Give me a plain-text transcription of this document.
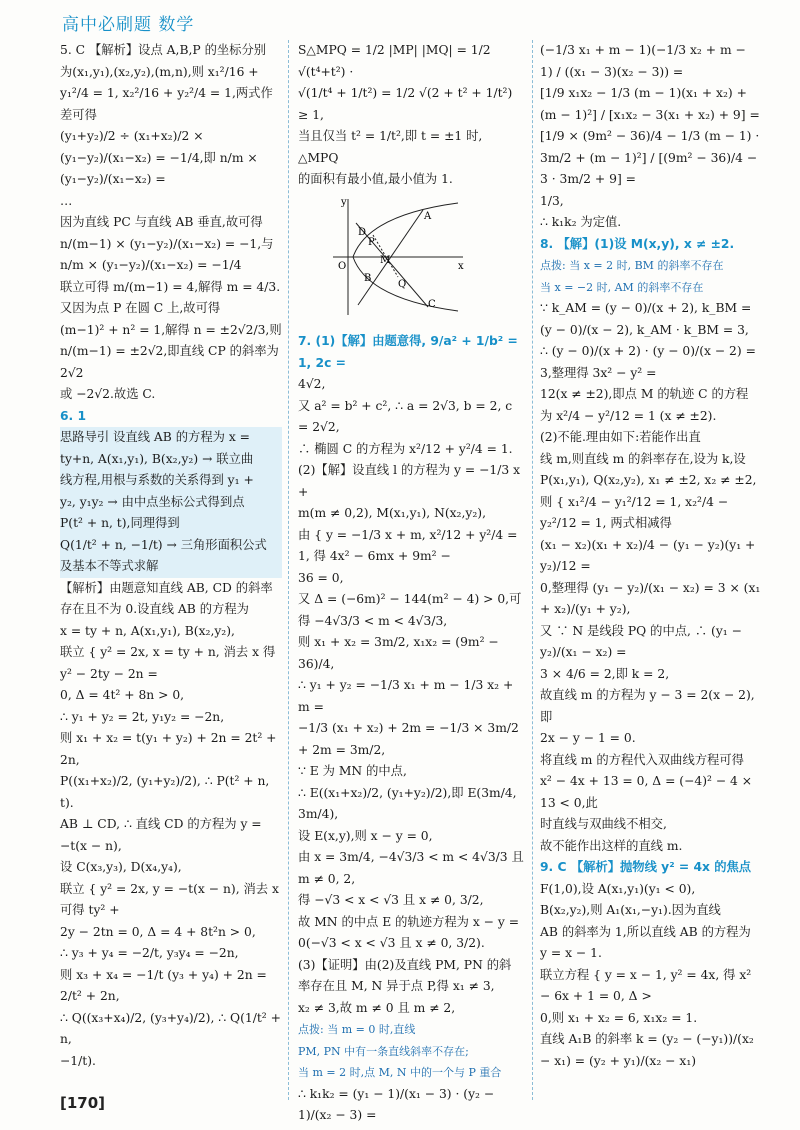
高中必刷题 数学

5. C 【解析】设点 A,B,P 的坐标分别

为(x₁,y₁),(x₂,y₂),(m,n),则 x₁²/16 +

y₁²/4 = 1, x₂²/16 + y₂²/4 = 1,两式作差可得

(y₁+y₂)/2 ÷ (x₁+x₂)/2 × (y₁−y₂)/(x₁−x₂) = −1/4,即 n/m × (y₁−y₂)/(x₁−x₂) =

…

因为直线 PC 与直线 AB 垂直,故可得

n/(m−1) × (y₁−y₂)/(x₁−x₂) = −1,与 n/m × (y₁−y₂)/(x₁−x₂) = −1/4

联立可得 m/(m−1) = 4,解得 m = 4/3.

又因为点 P 在圆 C 上,故可得

(m−1)² + n² = 1,解得 n = ±2√2/3,则

n/(m−1) = ±2√2,即直线 CP 的斜率为 2√2

或 −2√2.故选 C.

6. 1

思路导引 设直线 AB 的方程为 x =

ty+n, A(x₁,y₁), B(x₂,y₂) → 联立曲

线方程,用根与系数的关系得到 y₁ +

y₂, y₁y₂ → 由中点坐标公式得到点

P(t² + n, t),同理得到

Q(1/t² + n, −1/t) → 三角形面积公式

及基本不等式求解

【解析】由题意知直线 AB, CD 的斜率

存在且不为 0.设直线 AB 的方程为

x = ty + n, A(x₁,y₁), B(x₂,y₂),

联立 { y² = 2x, x = ty + n, 消去 x 得 y² − 2ty − 2n =

0, Δ = 4t² + 8n > 0,

∴ y₁ + y₂ = 2t, y₁y₂ = −2n,

则 x₁ + x₂ = t(y₁ + y₂) + 2n = 2t² + 2n,

P((x₁+x₂)/2, (y₁+y₂)/2), ∴ P(t² + n, t).

AB ⊥ CD, ∴ 直线 CD 的方程为 y =

−t(x − n),

设 C(x₃,y₃), D(x₄,y₄),

联立 { y² = 2x, y = −t(x − n), 消去 x 可得 ty² +

2y − 2tn = 0, Δ = 4 + 8t²n > 0,

∴ y₃ + y₄ = −2/t, y₃y₄ = −2n,

则 x₃ + x₄ = −1/t (y₃ + y₄) + 2n = 2/t² + 2n,

∴ Q((x₃+x₄)/2, (y₃+y₄)/2), ∴ Q(1/t² + n,

−1/t).

S△MPQ = 1/2 |MP| |MQ| = 1/2 √(t⁴+t²) ·

√(1/t⁴ + 1/t²) = 1/2 √(2 + t² + 1/t²) ≥ 1,

当且仅当 t² = 1/t²,即 t = ±1 时, △MPQ

的面积有最小值,最小值为 1.

y
x
O
D
A
P
M
B
Q
C

7. (1)【解】由题意得, 9/a² + 1/b² = 1, 2c =

4√2,

又 a² = b² + c², ∴ a = 2√3, b = 2, c = 2√2,

∴ 椭圆 C 的方程为 x²/12 + y²/4 = 1.

(2)【解】设直线 l 的方程为 y = −1/3 x +

m(m ≠ 0,2), M(x₁,y₁), N(x₂,y₂),

由 { y = −1/3 x + m, x²/12 + y²/4 = 1, 得 4x² − 6mx + 9m² −

36 = 0,

又 Δ = (−6m)² − 144(m² − 4) > 0,可

得 −4√3/3 < m < 4√3/3,

则 x₁ + x₂ = 3m/2, x₁x₂ = (9m² − 36)/4,

∴ y₁ + y₂ = −1/3 x₁ + m − 1/3 x₂ + m =

−1/3 (x₁ + x₂) + 2m = −1/3 × 3m/2 + 2m = 3m/2,

∵ E 为 MN 的中点,

∴ E((x₁+x₂)/2, (y₁+y₂)/2),即 E(3m/4, 3m/4),

设 E(x,y),则 x − y = 0,

由 x = 3m/4, −4√3/3 < m < 4√3/3 且 m ≠ 0, 2,

得 −√3 < x < √3 且 x ≠ 0, 3/2,

故 MN 的中点 E 的轨迹方程为 x − y =

0(−√3 < x < √3 且 x ≠ 0, 3/2).

(3)【证明】由(2)及直线 PM, PN 的斜

率存在且 M, N 异于点 P,得 x₁ ≠ 3,

x₂ ≠ 3,故 m ≠ 0 且 m ≠ 2,

点拨: 当 m = 0 时,直线

PM, PN 中有一条直线斜率不存在;

当 m = 2 时,点 M, N 中的一个与 P 重合

∴ k₁k₂ = (y₁ − 1)/(x₁ − 3) · (y₂ − 1)/(x₂ − 3) =

(−1/3 x₁ + m − 1)(−1/3 x₂ + m − 1) / ((x₁ − 3)(x₂ − 3)) =

[1/9 x₁x₂ − 1/3 (m − 1)(x₁ + x₂) + (m − 1)²] / [x₁x₂ − 3(x₁ + x₂) + 9] =

[1/9 × (9m² − 36)/4 − 1/3 (m − 1) · 3m/2 + (m − 1)²] / [(9m² − 36)/4 − 3 · 3m/2 + 9] =

1/3,

∴ k₁k₂ 为定值.

8. 【解】(1)设 M(x,y), x ≠ ±2.

点拨: 当 x = 2 时, BM 的斜率不存在

当 x = −2 时, AM 的斜率不存在

∵ k_AM = (y − 0)/(x + 2), k_BM = (y − 0)/(x − 2), k_AM · k_BM = 3,

∴ (y − 0)/(x + 2) · (y − 0)/(x − 2) = 3,整理得 3x² − y² =

12(x ≠ ±2),即点 M 的轨迹 C 的方程

为 x²/4 − y²/12 = 1 (x ≠ ±2).

(2)不能.理由如下:若能作出直

线 m,则直线 m 的斜率存在,设为 k,设

P(x₁,y₁), Q(x₂,y₂), x₁ ≠ ±2, x₂ ≠ ±2,

则 { x₁²/4 − y₁²/12 = 1, x₂²/4 − y₂²/12 = 1, 两式相减得

(x₁ − x₂)(x₁ + x₂)/4 − (y₁ − y₂)(y₁ + y₂)/12 =

0,整理得 (y₁ − y₂)/(x₁ − x₂) = 3 × (x₁ + x₂)/(y₁ + y₂),

又 ∵ N 是线段 PQ 的中点, ∴ (y₁ − y₂)/(x₁ − x₂) =

3 × 4/6 = 2,即 k = 2,

故直线 m 的方程为 y − 3 = 2(x − 2),即

2x − y − 1 = 0.

将直线 m 的方程代入双曲线方程可得

x² − 4x + 13 = 0, Δ = (−4)² − 4 × 13 < 0,此

时直线与双曲线不相交,

故不能作出这样的直线 m.

9. C 【解析】抛物线 y² = 4x 的焦点

F(1,0),设 A(x₁,y₁)(y₁ < 0),

B(x₂,y₂),则 A₁(x₁,−y₁).因为直线

AB 的斜率为 1,所以直线 AB 的方程为

y = x − 1.

联立方程 { y = x − 1, y² = 4x, 得 x² − 6x + 1 = 0, Δ >

0,则 x₁ + x₂ = 6, x₁x₂ = 1.

直线 A₁B 的斜率 k = (y₂ − (−y₁))/(x₂ − x₁) = (y₂ + y₁)/(x₂ − x₁)

[170]
